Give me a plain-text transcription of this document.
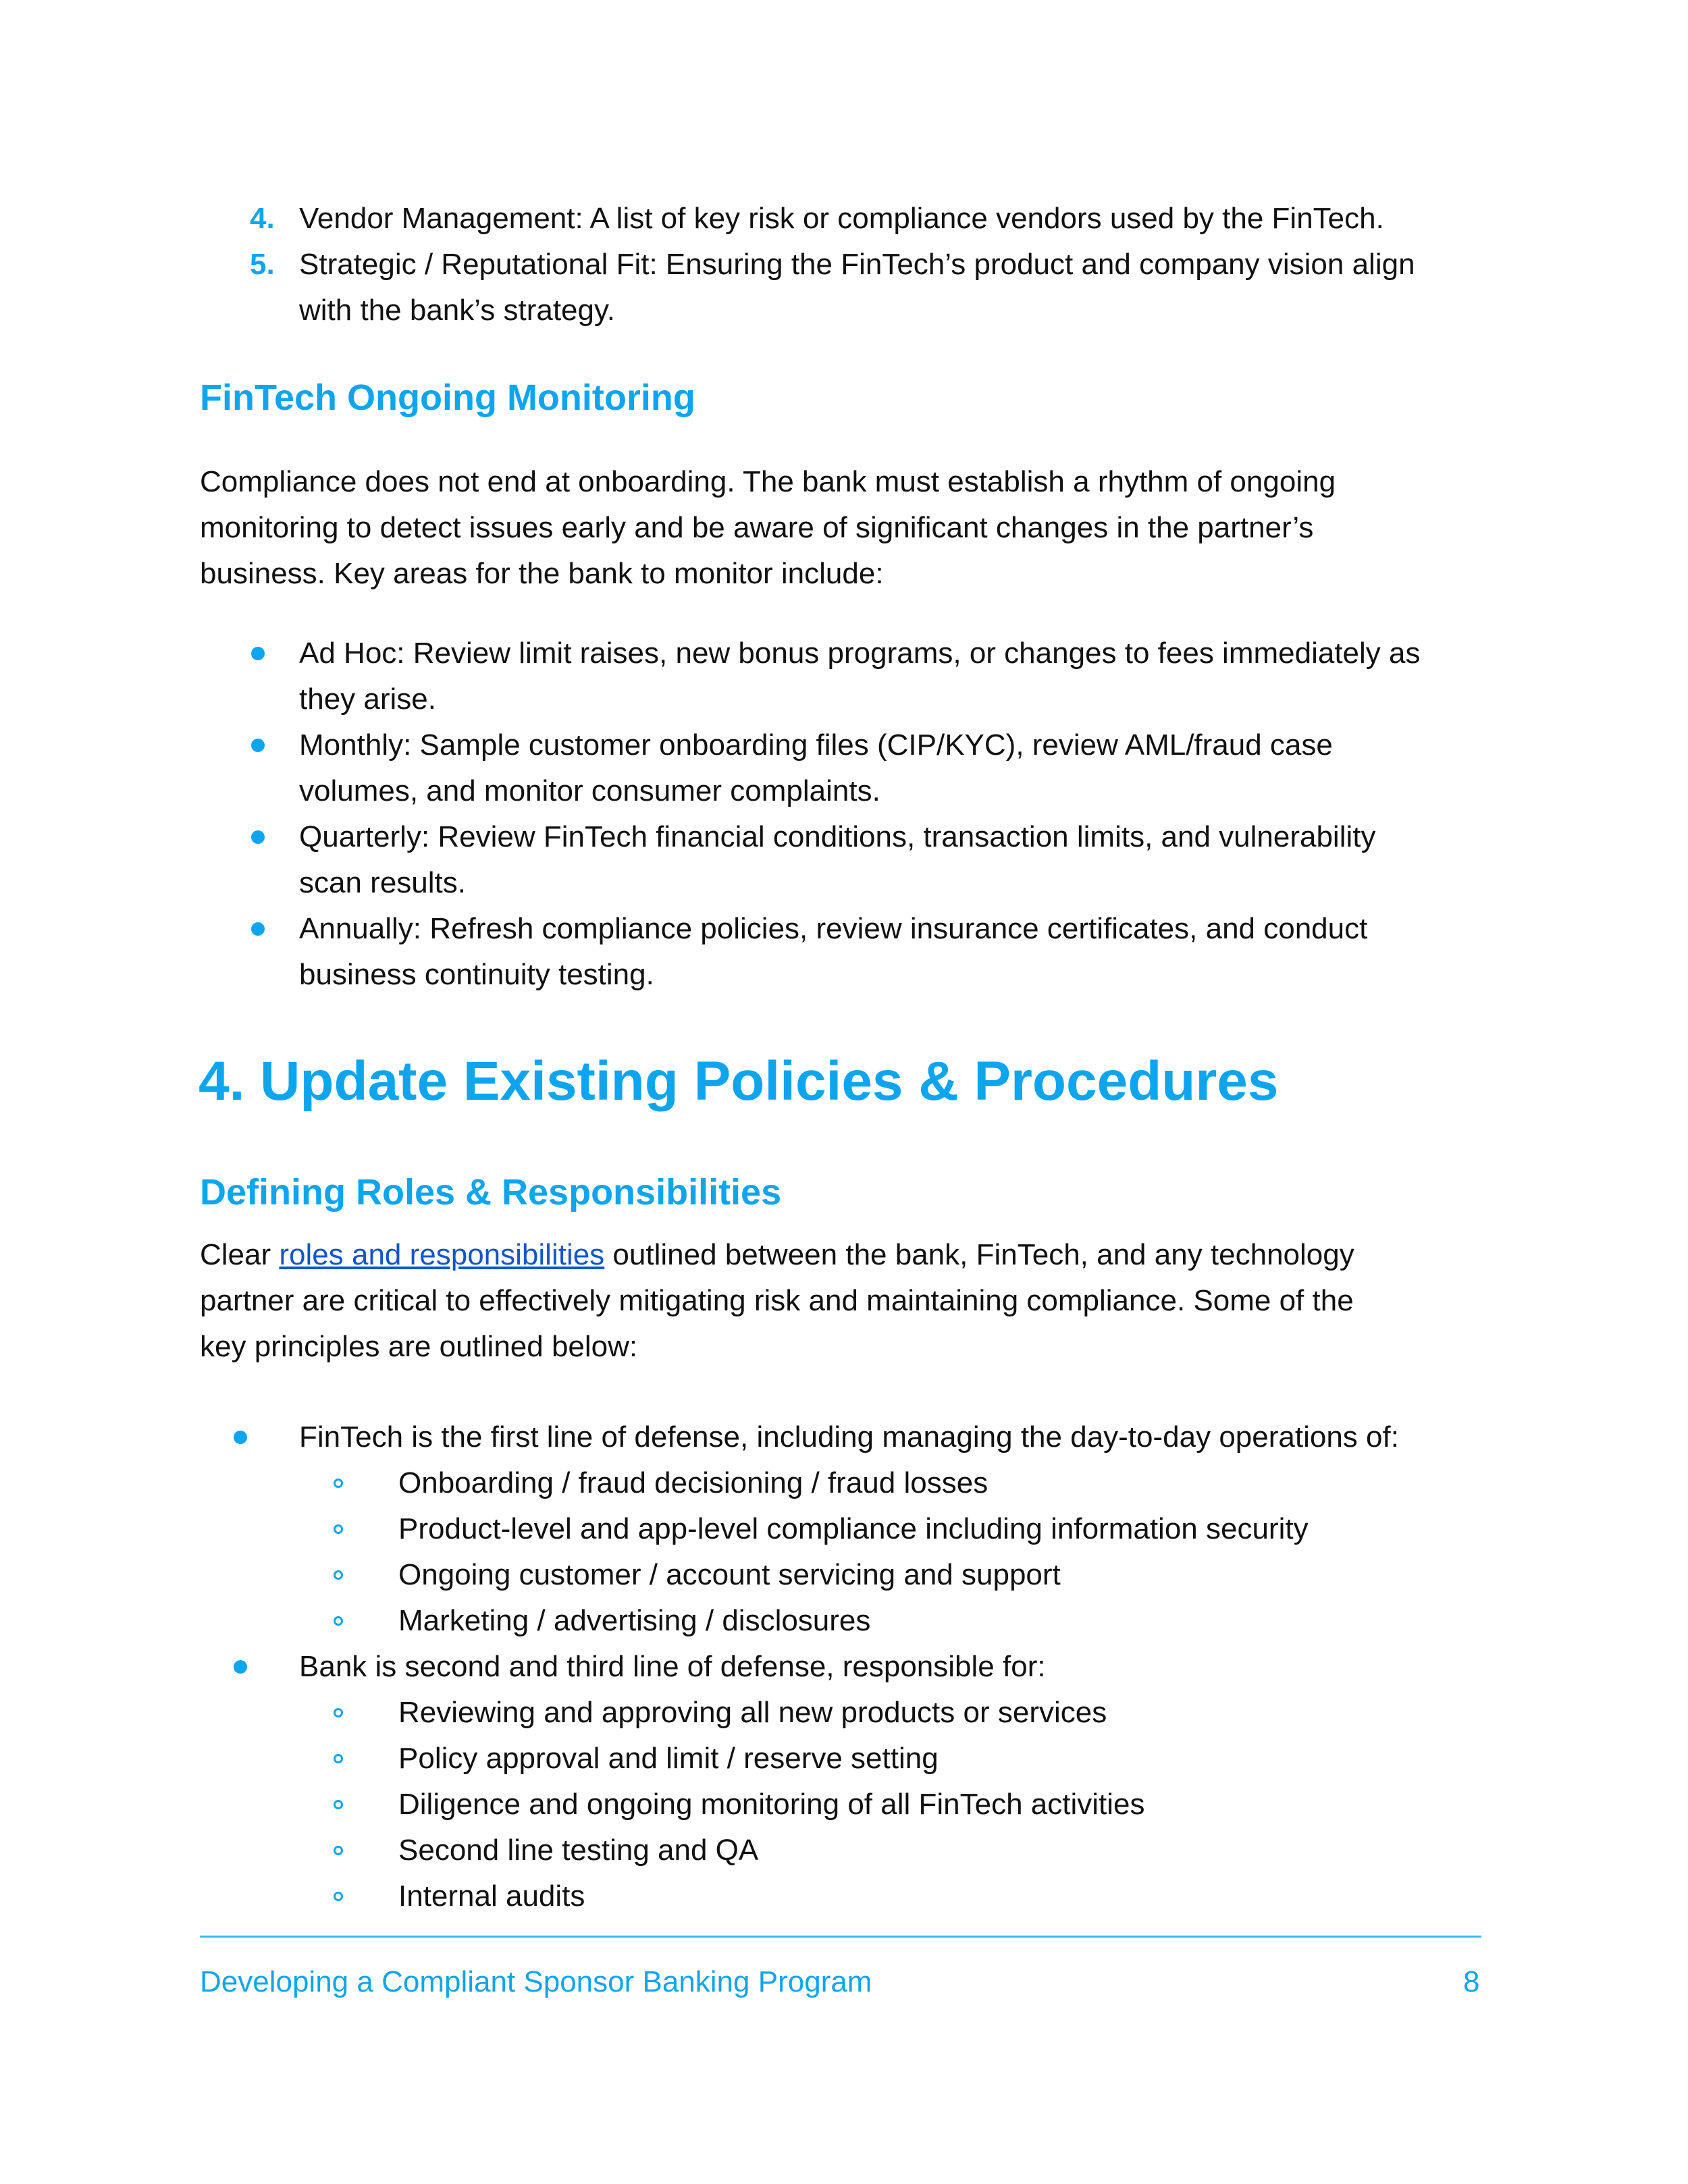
4. Vendor Management: A list of key risk or compliance vendors used by the FinTech.

5. Strategic / Reputational Fit: Ensuring the FinTech’s product and company vision align

with the bank’s strategy.

FinTech Ongoing Monitoring

Compliance does not end at onboarding. The bank must establish a rhythm of ongoing

monitoring to detect issues early and be aware of significant changes in the partner’s

business. Key areas for the bank to monitor include:

Ad Hoc: Review limit raises, new bonus programs, or changes to fees immediately as

they arise.

Monthly: Sample customer onboarding files (CIP/KYC), review AML/fraud case

volumes, and monitor consumer complaints.

Quarterly: Review FinTech financial conditions, transaction limits, and vulnerability

scan results.

Annually: Refresh compliance policies, review insurance certificates, and conduct

business continuity testing.

4. Update Existing Policies & Procedures
Defining Roles & Responsibilities

Clear roles and responsibilities outlined between the bank, FinTech, and any technology

partner are critical to effectively mitigating risk and maintaining compliance. Some of the

key principles are outlined below:

FinTech is the first line of defense, including managing the day-to-day operations of:

Onboarding / fraud decisioning / fraud losses

Product-level and app-level compliance including information security

Ongoing customer / account servicing and support

Marketing / advertising / disclosures

Bank is second and third line of defense, responsible for:

Reviewing and approving all new products or services

Policy approval and limit / reserve setting

Diligence and ongoing monitoring of all FinTech activities

Second line testing and QA

Internal audits

Developing a Compliant Sponsor Banking Program	8
